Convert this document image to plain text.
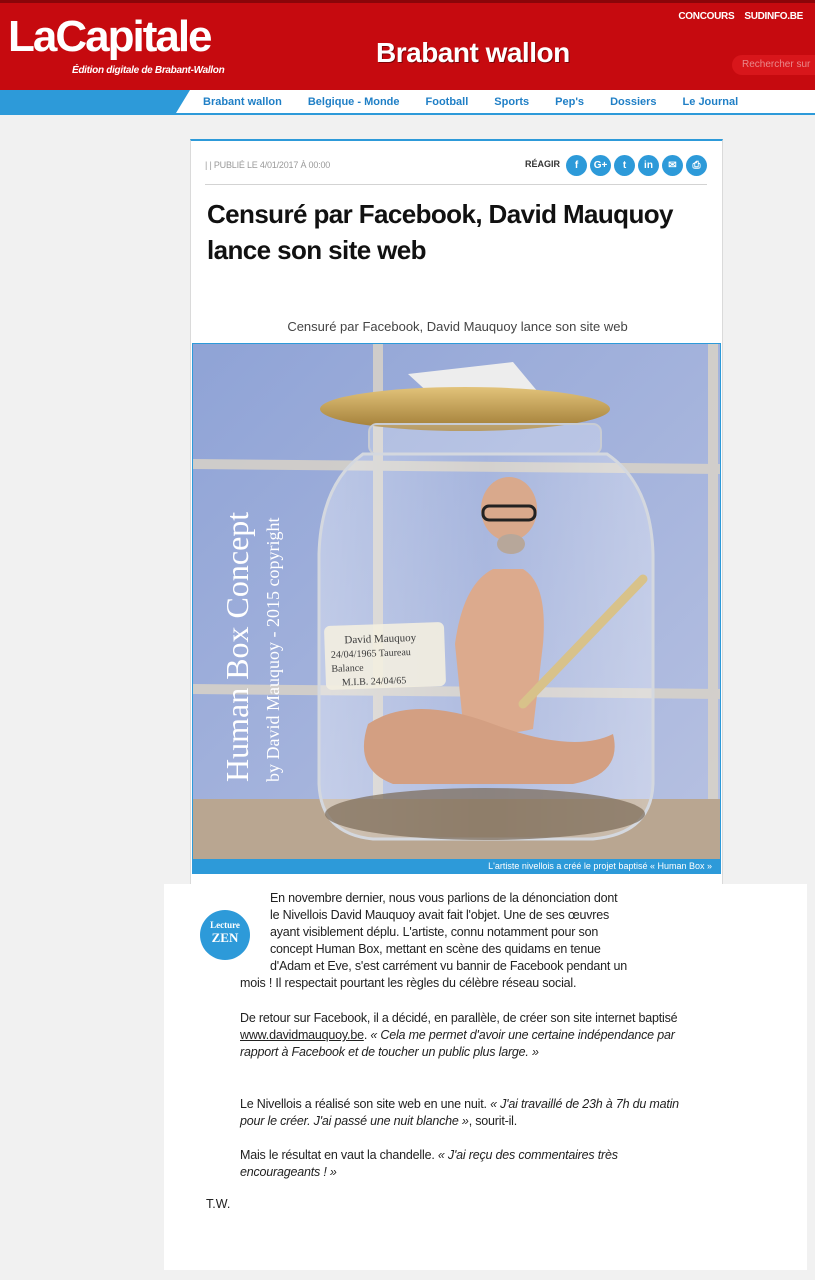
LaCapitale
Édition digitale de Brabant-Wallon
Brabant wallon
CONCOURS SUDINFO.BE
Rechercher sur
Brabant wallon Belgique - Monde Football Sports Pep's Dossiers Le Journal
| | PUBLIÉ LE 4/01/2017 À 00:00	RÉAGIR	f	G+	t	in	✉	⎙
Censuré par Facebook, David Mauquoy lance son site web
Censuré par Facebook, David Mauquoy lance son site web
Human Box Concept by David Mauquoy - 2015 copyright	David Mauquoy
24/04/1965 Taureau Balance
M.I.B. 24/04/65
L'artiste nivellois a créé le projet baptisé « Human Box »
Lecture
ZEN
En novembre dernier, nous vous parlions de la dénonciation dont
le Nivellois David Mauquoy avait fait l'objet. Une de ses œuvres
ayant visiblement déplu. L'artiste, connu notamment pour son
concept Human Box, mettant en scène des quidams en tenue
d'Adam et Eve, s'est carrément vu bannir de Facebook pendant un
mois ! Il respectait pourtant les règles du célèbre réseau social.
De retour sur Facebook, il a décidé, en parallèle, de créer son site internet baptisé www.davidmauquoy.be. « Cela me permet d'avoir une certaine indépendance par rapport à Facebook et de toucher un public plus large. »
Le Nivellois a réalisé son site web en une nuit. « J'ai travaillé de 23h à 7h du matin pour le créer. J'ai passé une nuit blanche », sourit-il.
Mais le résultat en vaut la chandelle. « J'ai reçu des commentaires très encourageants ! »
T.W.
